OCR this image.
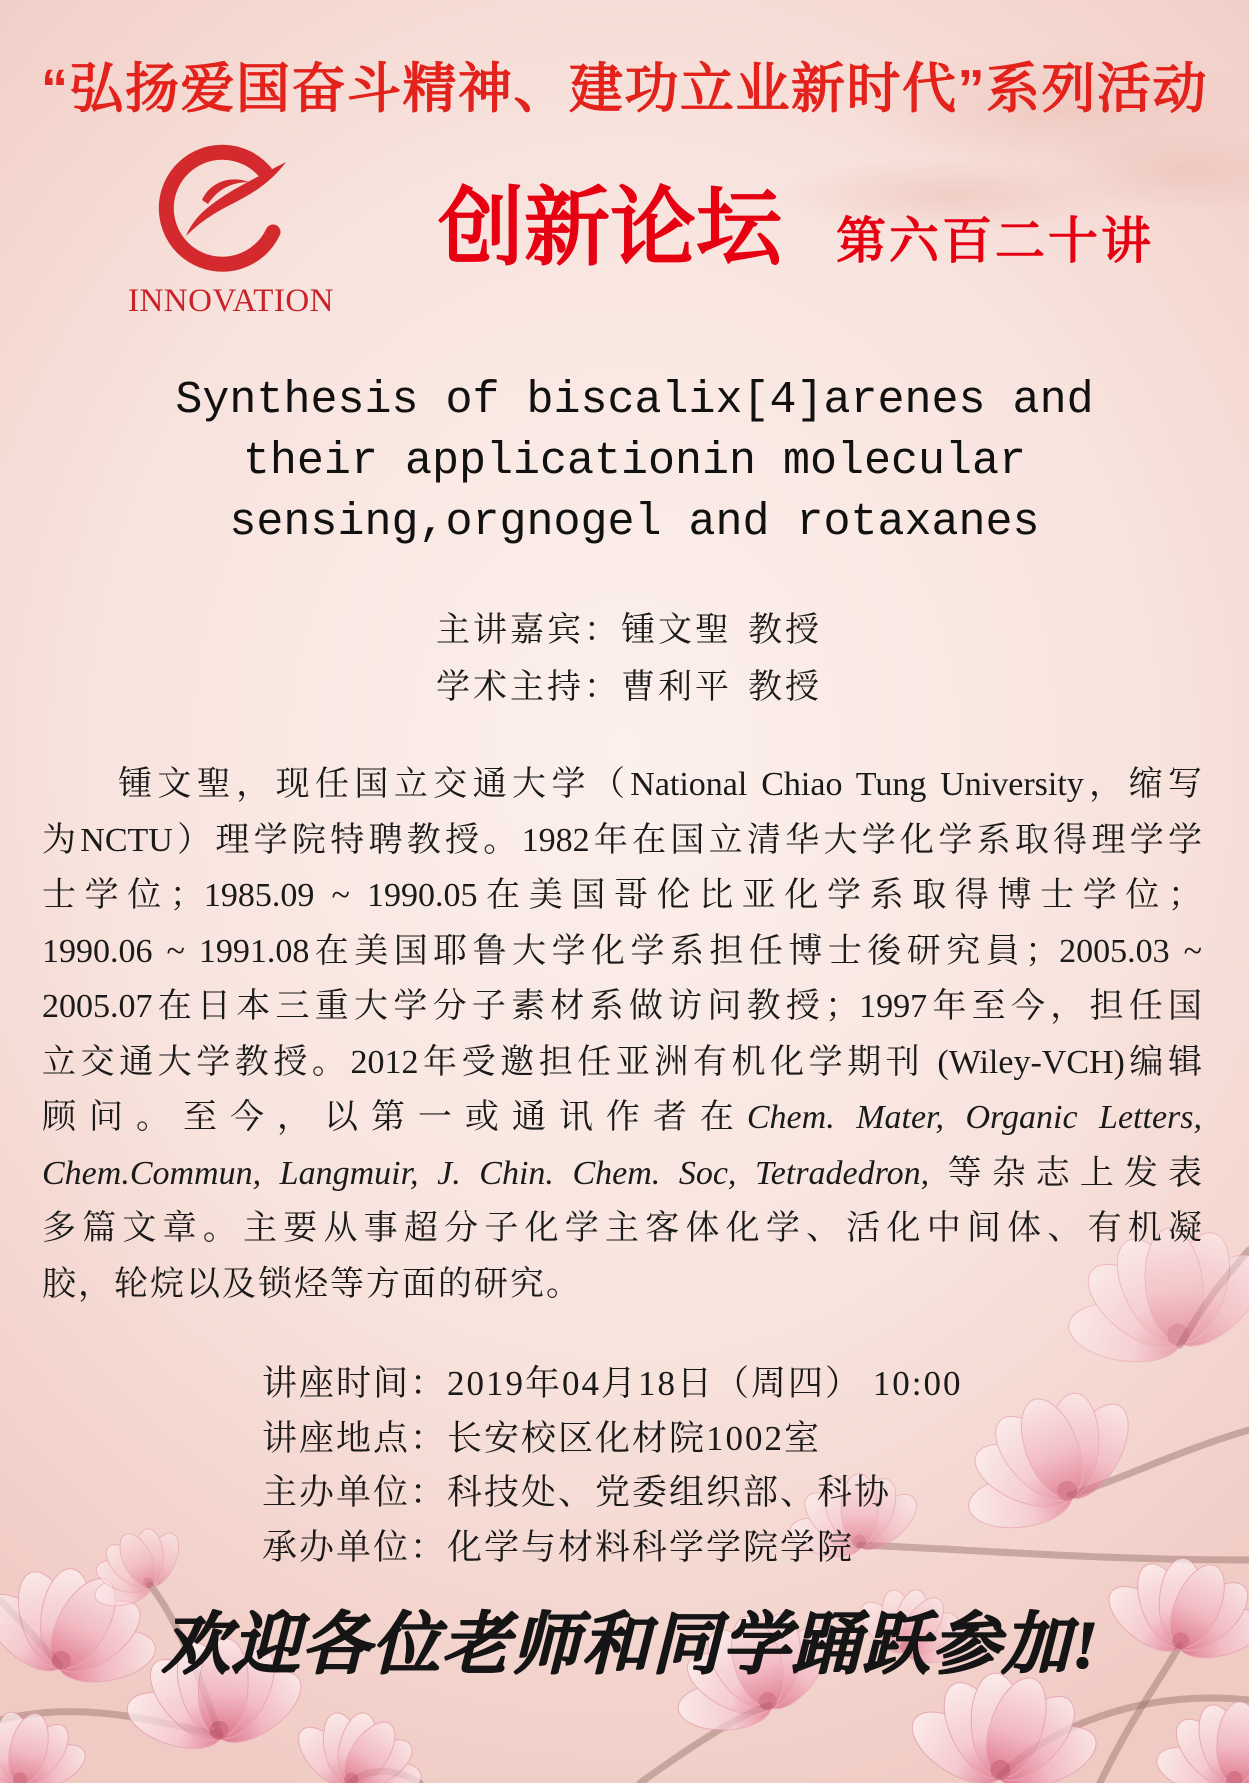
“弘扬爱国奋斗精神、建功立业新时代”系列活动
INNOVATION
创新论坛 第六百二十讲
Synthesis of biscalix[4]arenes and
their applicationin molecular
sensing,orgnogel and rotaxanes
主讲嘉宾：锺文聖 教授
学术主持：曹利平 教授
锺文聖，现任国立交通大学（National Chiao Tung University，缩写
为NCTU）理学院特聘教授。1982年在国立清华大学化学系取得理学学
士学位；1985.09 ~ 1990.05在美国哥伦比亚化学系取得博士学位；
1990.06 ~ 1991.08在美国耶鲁大学化学系担任博士後研究員；2005.03 ~
2005.07在日本三重大学分子素材系做访问教授；1997年至今，担任国
立交通大学教授。2012年受邀担任亚洲有机化学期刊 (Wiley-VCH)编辑
顾问。至今，以第一或通讯作者在Chem. Mater, Organic Letters,
Chem.Commun, Langmuir, J. Chin. Chem. Soc, Tetradedron, 等杂志上发表
多篇文章。主要从事超分子化学主客体化学、活化中间体、有机凝
胶，轮烷以及锁烃等方面的研究。
讲座时间：2019年04月18日（周四） 10:00
讲座地点：长安校区化材院1002室
主办单位：科技处、党委组织部、科协
承办单位：化学与材料科学学院学院
欢迎各位老师和同学踊跃参加!
